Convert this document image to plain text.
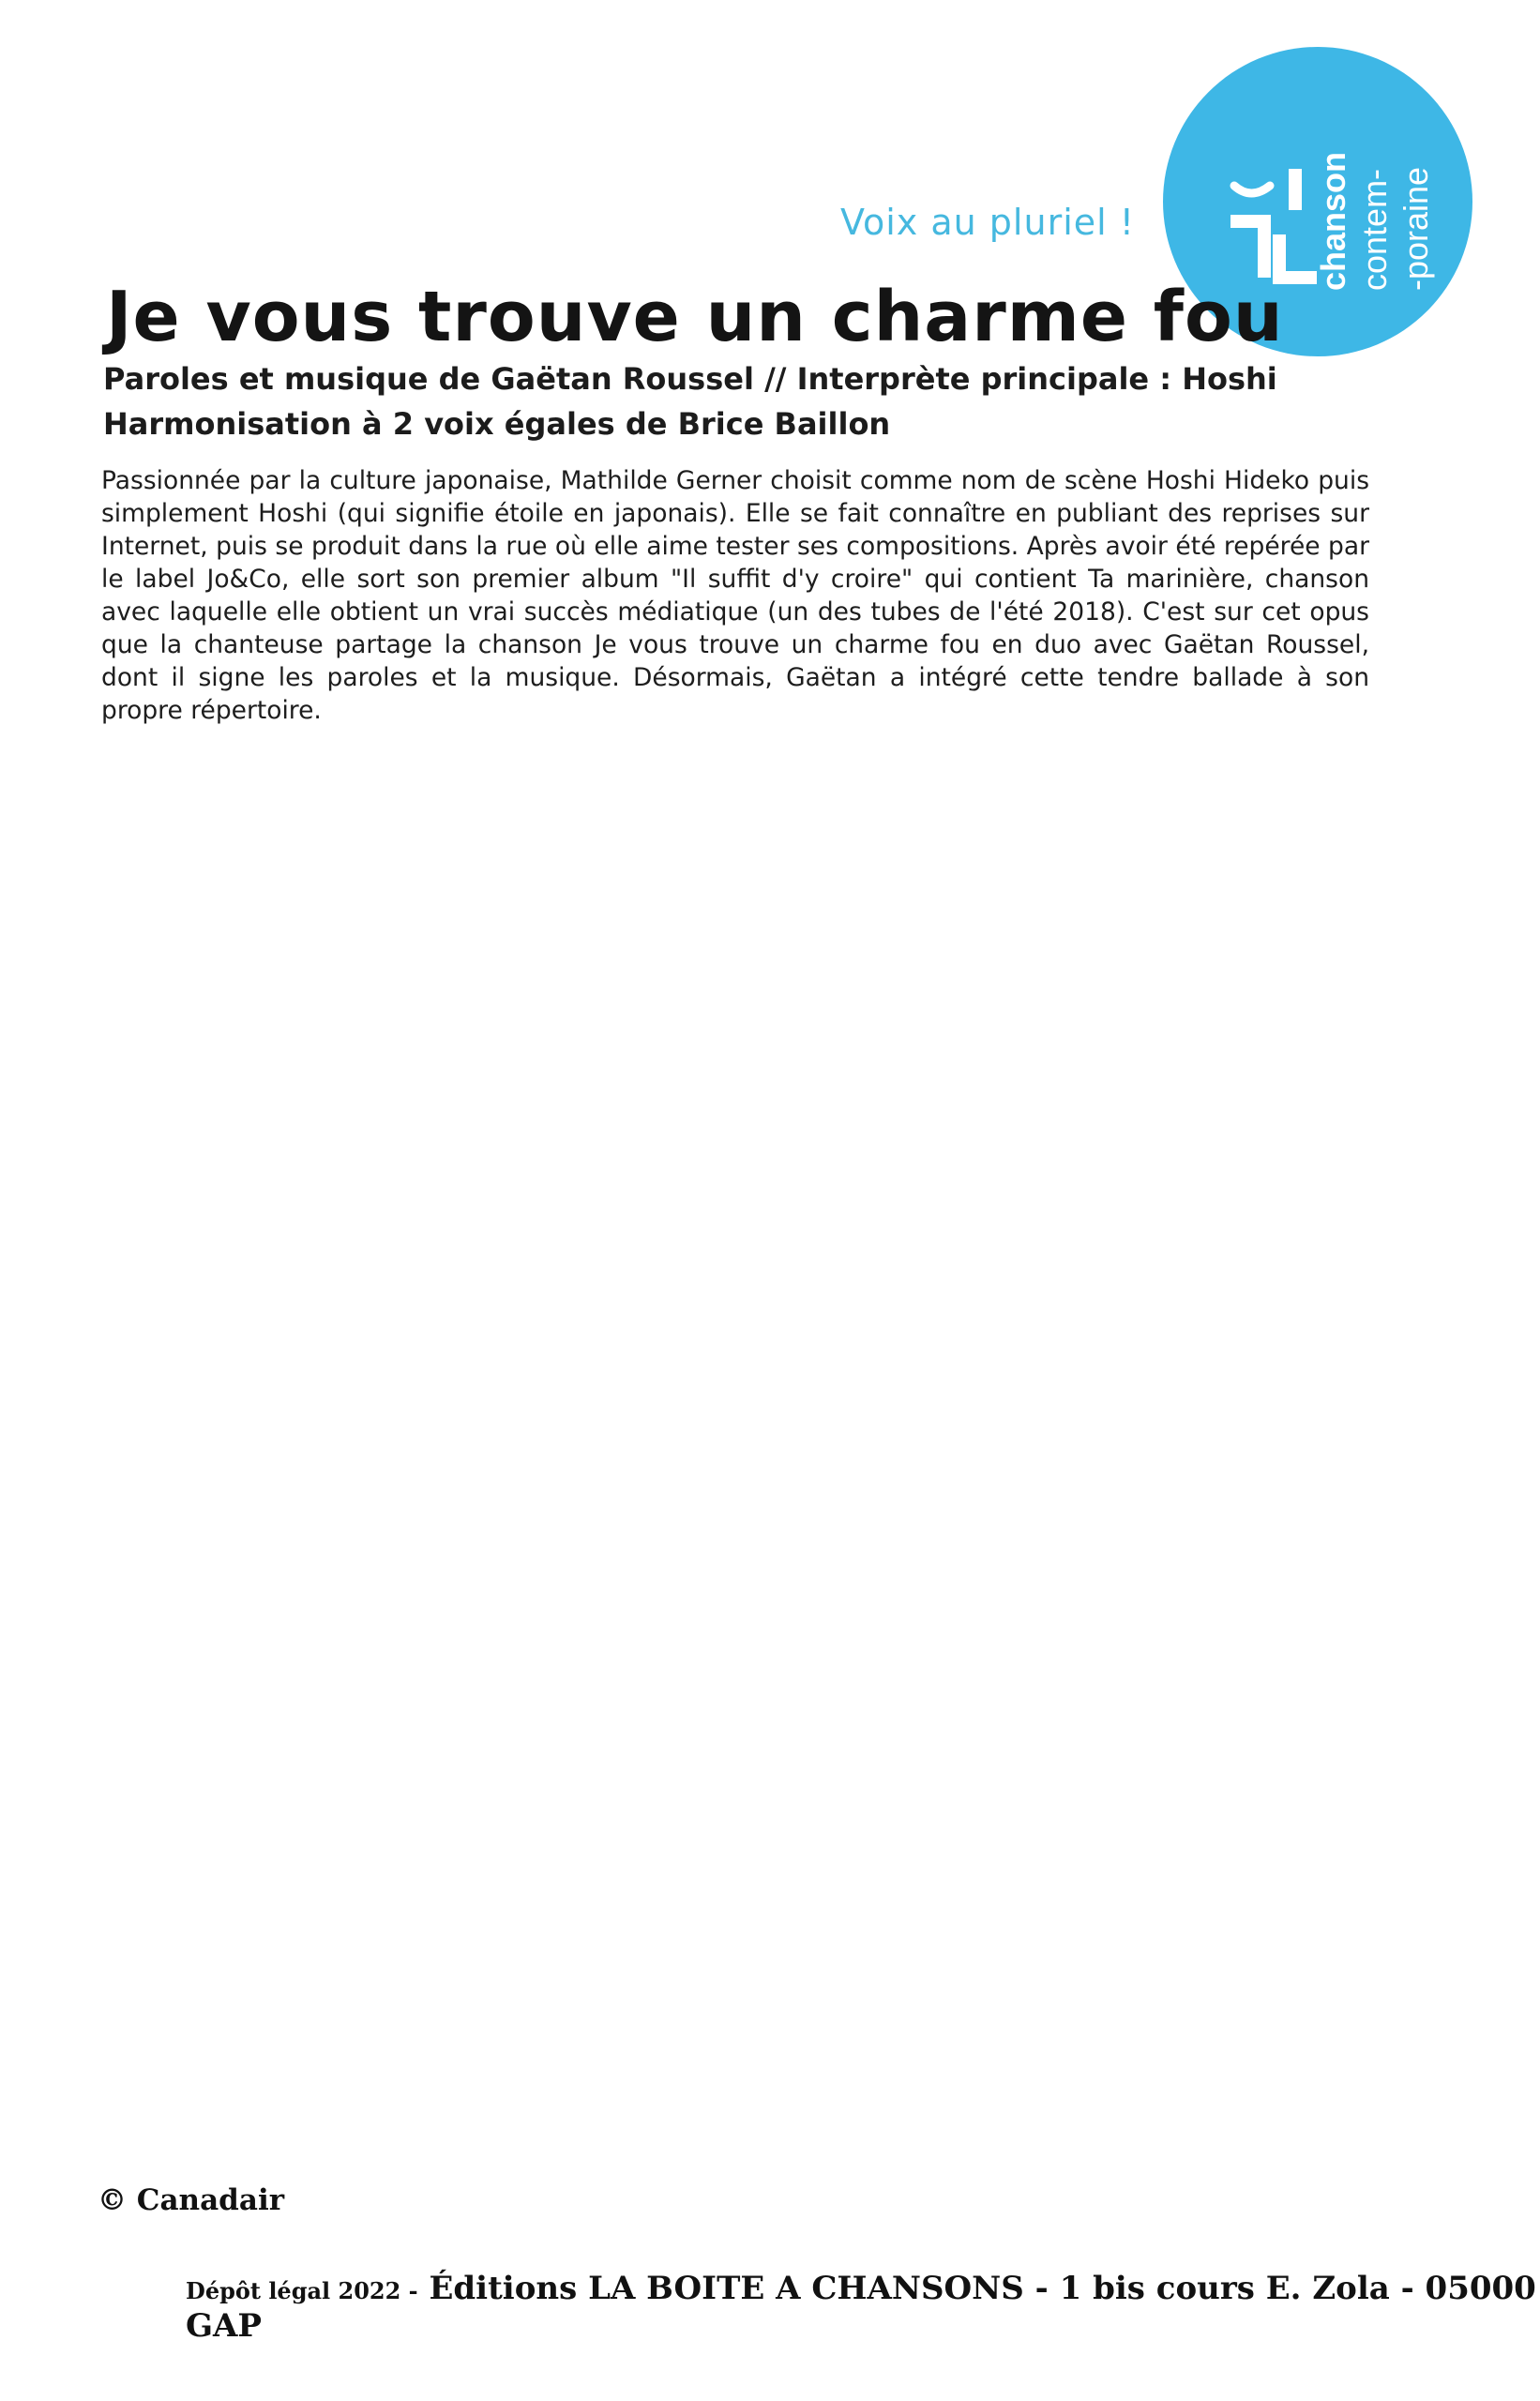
chanson contem- -poraine
Voix au pluriel !
Je vous trouve un charme fou
Paroles et musique de Gaëtan Roussel // Interprète principale : Hoshi
Harmonisation à 2 voix égales de Brice Baillon
Passionnée par la culture japonaise, Mathilde Gerner choisit comme nom de scène Hoshi Hideko puis simplement Hoshi (qui signifie étoile en japonais). Elle se fait connaître en publiant des reprises sur Internet, puis se produit dans la rue où elle aime tester ses compositions. Après avoir été repérée par le label Jo&Co, elle sort son premier album "Il suffit d'y croire" qui contient Ta marinière, chanson avec laquelle elle obtient un vrai succès médiatique (un des tubes de l'été 2018). C'est sur cet opus que la chanteuse partage la chanson Je vous trouve un charme fou en duo avec Gaëtan Roussel, dont il signe les paroles et la musique. Désormais, Gaëtan a intégré cette tendre ballade à son propre répertoire.
© Canadair
Dépôt légal 2022 - Éditions LA BOITE A CHANSONS - 1 bis cours E. Zola - 05000 GAP
